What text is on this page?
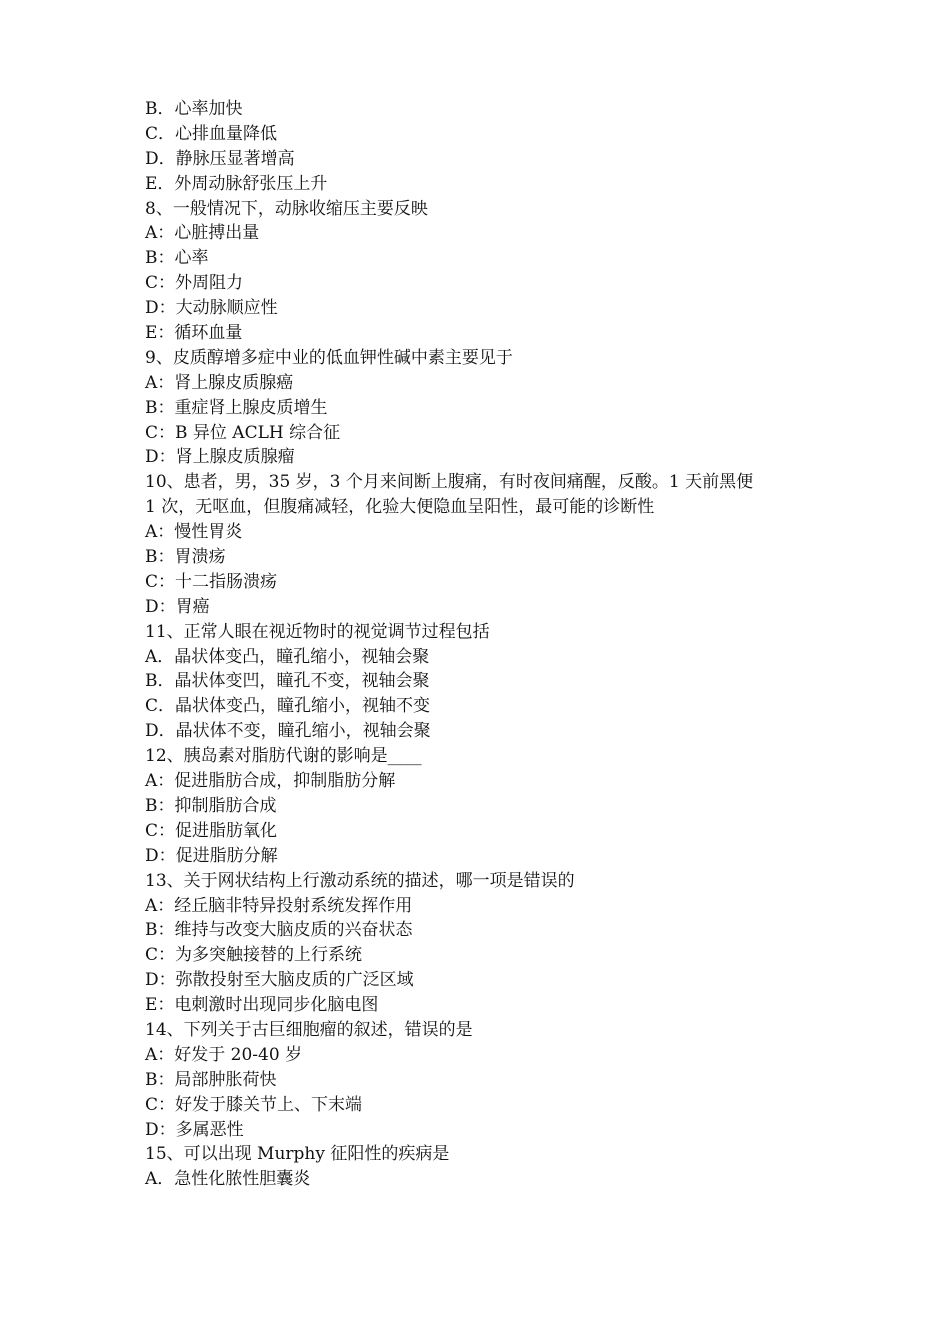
B．心率加快
C．心排血量降低
D．静脉压显著增高
E．外周动脉舒张压上升
8、一般情况下，动脉收缩压主要反映
A：心脏搏出量
B：心率
C：外周阻力
D：大动脉顺应性
E：循环血量
9、皮质醇增多症中业的低血钾性碱中素主要见于
A：肾上腺皮质腺癌
B：重症肾上腺皮质增生
C：B 异位 ACLH 综合征
D：肾上腺皮质腺瘤
10、患者，男，35 岁，3 个月来间断上腹痛，有时夜间痛醒，反酸。1 天前黑便
1 次，无呕血，但腹痛减轻，化验大便隐血呈阳性，最可能的诊断性
A：慢性胃炎
B：胃溃疡
C：十二指肠溃疡
D：胃癌
11、正常人眼在视近物时的视觉调节过程包括
A．晶状体变凸，瞳孔缩小，视轴会聚
B．晶状体变凹，瞳孔不变，视轴会聚
C．晶状体变凸，瞳孔缩小，视轴不变
D．晶状体不变，瞳孔缩小，视轴会聚
12、胰岛素对脂肪代谢的影响是____
A：促进脂肪合成，抑制脂肪分解
B：抑制脂肪合成
C：促进脂肪氧化
D：促进脂肪分解
13、关于网状结构上行激动系统的描述，哪一项是错误的
A：经丘脑非特异投射系统发挥作用
B：维持与改变大脑皮质的兴奋状态
C：为多突触接替的上行系统
D：弥散投射至大脑皮质的广泛区域
E：电刺激时出现同步化脑电图
14、下列关于古巨细胞瘤的叙述，错误的是
A：好发于 20-40 岁
B：局部肿胀荷快
C：好发于膝关节上、下末端
D：多属恶性
15、可以出现 Murphy 征阳性的疾病是
A．急性化脓性胆囊炎
